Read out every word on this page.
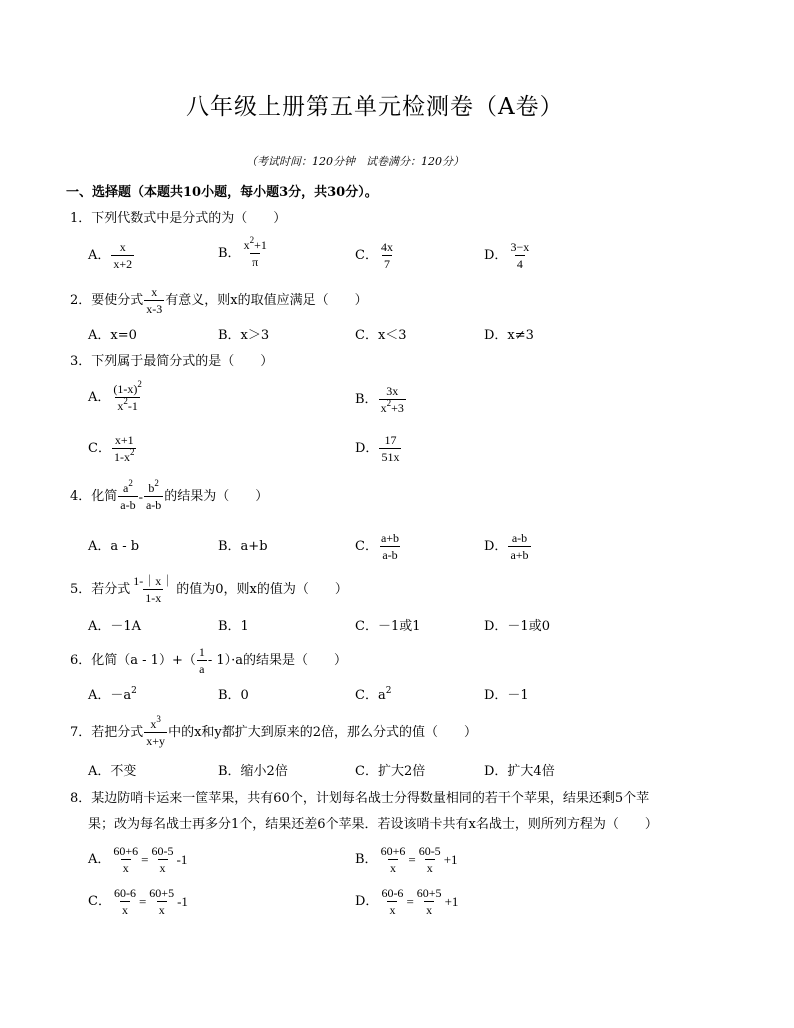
八年级上册第五单元检测卷（A卷）
（考试时间：120分钟　试卷满分：120分）
一、选择题（本题共10小题，每小题3分，共30分）。
1．下列代数式中是分式的为（　　）
A． $\frac{x}{x+2}$	B． $\frac{x^2+1}{\pi}$	C． $\frac{4x}{7}$	D． $\frac{3-x}{4}$
2．要使分式 $\frac{x}{x-3}$ 有意义，则x的取值应满足（　　）
A．x=0	B．x＞3	C．x＜3	D．x≠3
3．下列属于最简分式的是（　　）
A． $\frac{(1-x)^2}{x^2-1}$	B． $\frac{3x}{x^2+3}$
C． $\frac{x+1}{1-x^2}$	D． $\frac{17}{51x}$
4．化简 $\frac{a^2}{a-b} - \frac{b^2}{a-b}$ 的结果为（　　）
A．a - b	B．a+b	C． $\frac{a+b}{a-b}$	D． $\frac{a-b}{a+b}$
5．若分式 $\frac{1-|x|}{1-x}$ 的值为0，则x的值为（　　）
A．－1A	B．1	C．－1或1	D．－1或0
6．化简$(a - 1)+( \frac{1}{a} - 1)\cdot a$的结果是（　　）
A．$-a^2$	B．0	C．$a^2$	D．－1
7．若把分式 $\frac{x^3}{x+y}$ 中的x和y都扩大到原来的2倍，那么分式的值（　　）
A．不变	B．缩小2倍	C．扩大2倍	D．扩大4倍
8．某边防哨卡运来一筐苹果，共有60个，计划每名战士分得数量相同的若干个苹果，结果还剩5个苹
果；改为每名战士再多分1个，结果还差6个苹果．若设该哨卡共有x名战士，则所列方程为（　　）
A． $\frac{60+6}{x} = \frac{60-5}{x} -1$	B． $\frac{60+6}{x} = \frac{60-5}{x} +1$
C． $\frac{60-6}{x} = \frac{60+5}{x} -1$	D． $\frac{60-6}{x} = \frac{60+5}{x} +1$
